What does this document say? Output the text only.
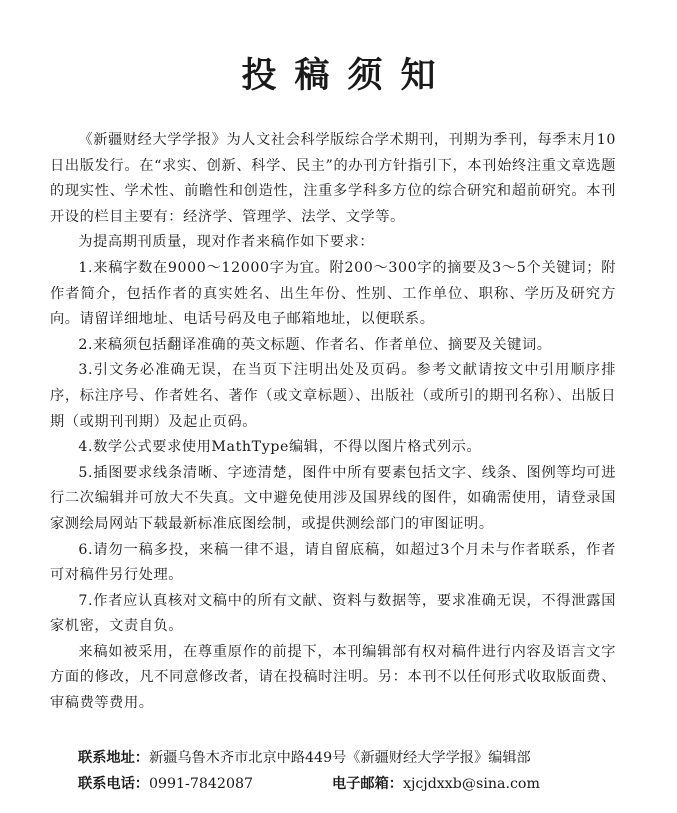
投稿须知

《新疆财经大学学报》为人文社会科学版综合学术期刊，刊期为季刊，每季末月10日出版发行。在“求实、创新、科学、民主”的办刊方针指引下，本刊始终注重文章选题的现实性、学术性、前瞻性和创造性，注重多学科多方位的综合研究和超前研究。本刊开设的栏目主要有：经济学、管理学、法学、文学等。

为提高期刊质量，现对作者来稿作如下要求：

1.来稿字数在9000～12000字为宜。附200～300字的摘要及3～5个关键词；附作者简介，包括作者的真实姓名、出生年份、性别、工作单位、职称、学历及研究方向。请留详细地址、电话号码及电子邮箱地址，以便联系。

2.来稿须包括翻译准确的英文标题、作者名、作者单位、摘要及关键词。

3.引文务必准确无误，在当页下注明出处及页码。参考文献请按文中引用顺序排序，标注序号、作者姓名、著作（或文章标题）、出版社（或所引的期刊名称）、出版日期（或期刊刊期）及起止页码。

4.数学公式要求使用MathType编辑，不得以图片格式列示。

5.插图要求线条清晰、字迹清楚，图件中所有要素包括文字、线条、图例等均可进行二次编辑并可放大不失真。文中避免使用涉及国界线的图件，如确需使用，请登录国家测绘局网站下载最新标准底图绘制，或提供测绘部门的审图证明。

6.请勿一稿多投，来稿一律不退，请自留底稿，如超过3个月未与作者联系，作者可对稿件另行处理。

7.作者应认真核对文稿中的所有文献、资料与数据等，要求准确无误，不得泄露国家机密，文责自负。

来稿如被采用，在尊重原作的前提下，本刊编辑部有权对稿件进行内容及语言文字方面的修改，凡不同意修改者，请在投稿时注明。另：本刊不以任何形式收取版面费、审稿费等费用。

联系地址：新疆乌鲁木齐市北京中路449号《新疆财经大学学报》编辑部
联系电话：0991-7842087	电子邮箱：xjcjdxxb@sina.com
